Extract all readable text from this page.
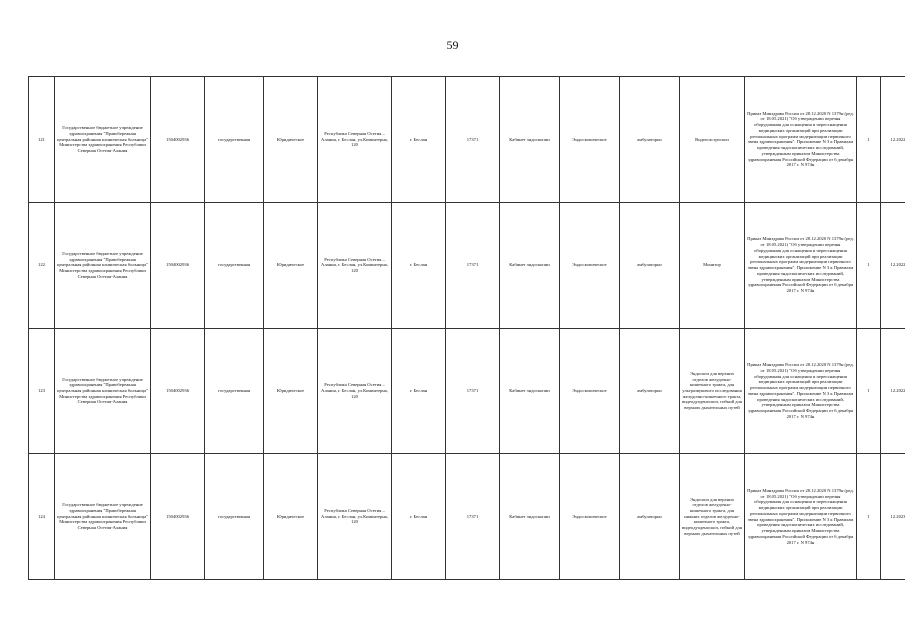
59
121	Государственное бюджетное учреждение здравоохранения "Правобережная центральная районная клиническая больница" Министерства здравоохранения Республики Северная Осетия-Алания	1504002936	государственная	Юридическое	Республика Северная Осетия – Алания, г. Беслан, ул.Коминтерна, 120	г. Беслан	17371	Кабинет эндоскопии	Эндоскопическое	амбулаторно	Видеогастроскоп	Приказ Минздрава России от 28.12.2020 N 1379н (ред. от 18.05.2021) "Об утверждении перечня оборудования для оснащения и переоснащения медицинских организаций при реализации региональных программ модернизации первичного звена здравоохранения". Приложение N 3 к Правилам проведения эндоскопических исследований, утвержденным приказом Министерства здравоохранения Российской Федерации от 6 декабря 2017 г. N 974н	1	12.2022
122	Государственное бюджетное учреждение здравоохранения "Правобережная центральная районная клиническая больница" Министерства здравоохранения Республики Северная Осетия-Алания	1504002936	государственная	Юридическое	Республика Северная Осетия – Алания, г. Беслан, ул.Коминтерна, 120	г. Беслан	17371	Кабинет эндоскопии	Эндоскопическое	амбулаторно	Монитор	Приказ Минздрава России от 28.12.2020 N 1379н (ред. от 18.05.2021) "Об утверждении перечня оборудования для оснащения и переоснащения медицинских организаций при реализации региональных программ модернизации первичного звена здравоохранения". Приложение N 3 к Правилам проведения эндоскопических исследований, утвержденным приказом Министерства здравоохранения Российской Федерации от 6 декабря 2017 г. N 974н	1	12.2022
123	Государственное бюджетное учреждение здравоохранения "Правобережная центральная районная клиническая больница" Министерства здравоохранения Республики Северная Осетия-Алания	1504002936	государственная	Юридическое	Республика Северная Осетия – Алания, г. Беслан, ул.Коминтерна, 120	г. Беслан	17371	Кабинет эндоскопии	Эндоскопическое	амбулаторно	Эндоскоп для верхних отделов желудочно-кишечного тракта, для ультразвукового исследования желудочно-кишечного тракта, видеодуоденоскоп, гибкий для верхних дыхательных путей	Приказ Минздрава России от 28.12.2020 N 1379н (ред. от 18.05.2021) "Об утверждении перечня оборудования для оснащения и переоснащения медицинских организаций при реализации региональных программ модернизации первичного звена здравоохранения". Приложение N 3 к Правилам проведения эндоскопических исследований, утвержденным приказом Министерства здравоохранения Российской Федерации от 6 декабря 2017 г. N 974н	1	12.2022
124	Государственное бюджетное учреждение здравоохранения "Правобережная центральная районная клиническая больница" Министерства здравоохранения Республики Северная Осетия-Алания	1504002936	государственная	Юридическое	Республика Северная Осетия – Алания, г. Беслан, ул.Коминтерна, 120	г. Беслан	17371	Кабинет эндоскопии	Эндоскопическое	амбулаторно	Эндоскоп для верхних отделов желудочно-кишечного тракта, для нижних отделов желудочно-кишечного тракта, видеодуоденоскоп, гибкий для верхних дыхательных путей	Приказ Минздрава России от 28.12.2020 N 1379н (ред. от 18.05.2021) "Об утверждении перечня оборудования для оснащения и переоснащения медицинских организаций при реализации региональных программ модернизации первичного звена здравоохранения". Приложение N 3 к Правилам проведения эндоскопических исследований, утвержденным приказом Министерства здравоохранения Российской Федерации от 6 декабря 2017 г. N 974н	1	12.2023
